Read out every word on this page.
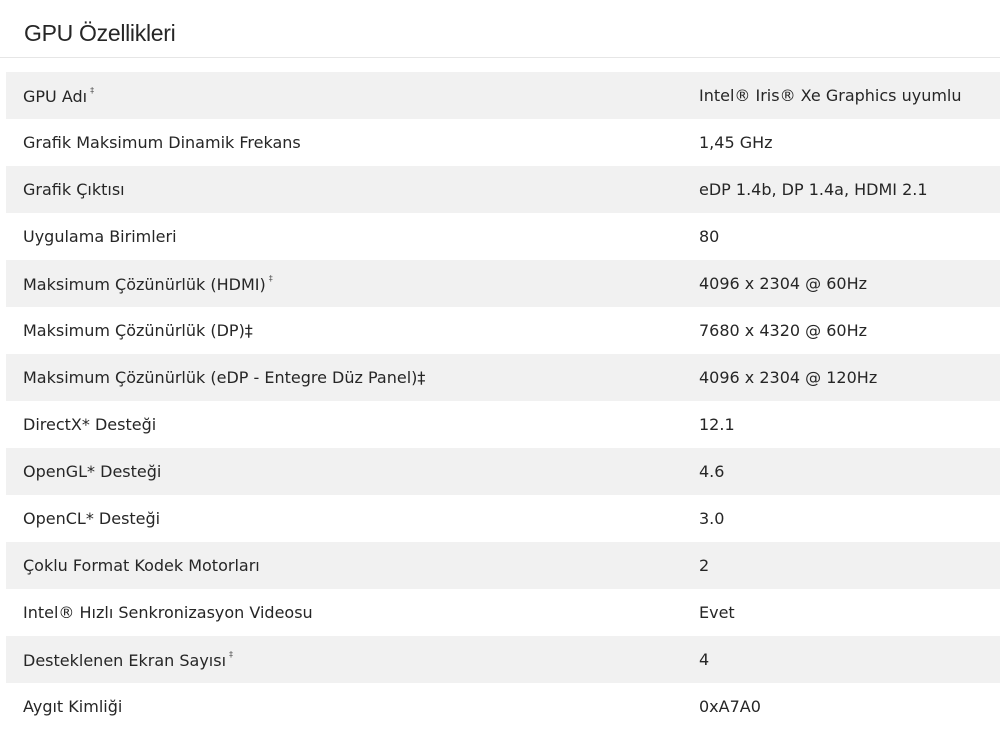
GPU Özellikleri
GPU Adı ‡	Intel® Iris® Xe Graphics uyumlu
Grafik Maksimum Dinamik Frekans	1,45 GHz
Grafik Çıktısı	eDP 1.4b, DP 1.4a, HDMI 2.1
Uygulama Birimleri	80
Maksimum Çözünürlük (HDMI) ‡	4096 x 2304 @ 60Hz
Maksimum Çözünürlük (DP)‡	7680 x 4320 @ 60Hz
Maksimum Çözünürlük (eDP - Entegre Düz Panel)‡	4096 x 2304 @ 120Hz
DirectX* Desteği	12.1
OpenGL* Desteği	4.6
OpenCL* Desteği	3.0
Çoklu Format Kodek Motorları	2
Intel® Hızlı Senkronizasyon Videosu	Evet
Desteklenen Ekran Sayısı ‡	4
Aygıt Kimliği	0xA7A0
